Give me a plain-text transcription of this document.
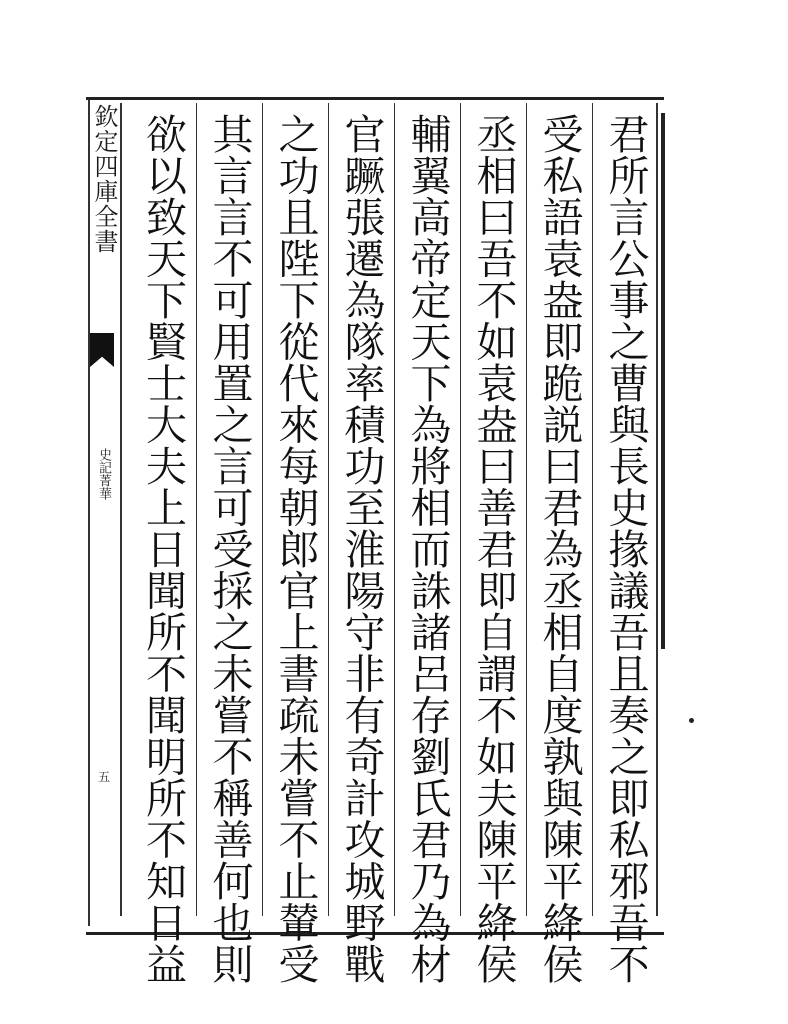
欽定四庫全書
史記菁華
五	君所言公事之曹與長史掾議吾且奏之即私邪吾不
受私語袁盎即跪説曰君為丞相自度孰與陳平絳侯
丞相曰吾不如袁盎曰善君即自謂不如夫陳平絳侯
輔翼高帝定天下為將相而誅諸呂存劉氏君乃為材
官蹶張遷為隊率積功至淮陽守非有奇計攻城野戰
之功且陛下從代來每朝郎官上書疏未嘗不止輦受
其言言不可用置之言可受採之未嘗不稱善何也則
欲以致天下賢士大夫上日聞所不聞明所不知日益
